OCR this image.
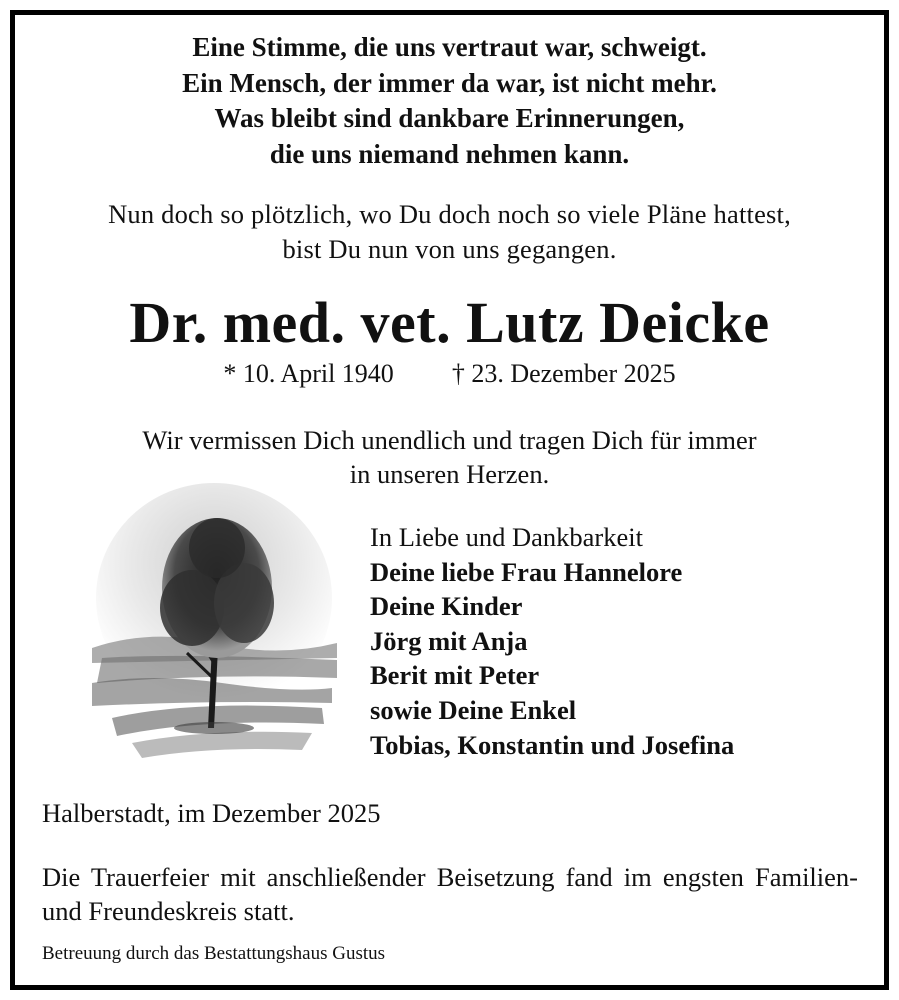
Eine Stimme, die uns vertraut war, schweigt.
Ein Mensch, der immer da war, ist nicht mehr.
Was bleibt sind dankbare Erinnerungen,
die uns niemand nehmen kann.
Nun doch so plötzlich, wo Du doch noch so viele Pläne hattest,
bist Du nun von uns gegangen.
Dr. med. vet. Lutz Deicke
* 10. April 1940 † 23. Dezember 2025
Wir vermissen Dich unendlich und tragen Dich für immer
in unseren Herzen.
In Liebe und Dankbarkeit
Deine liebe Frau Hannelore
Deine Kinder
Jörg mit Anja
Berit mit Peter
sowie Deine Enkel
Tobias, Konstantin und Josefina
Halberstadt, im Dezember 2025
Die Trauerfeier mit anschließender Beisetzung fand im engsten Familien- und Freundeskreis statt.
Betreuung durch das Bestattungshaus Gustus
